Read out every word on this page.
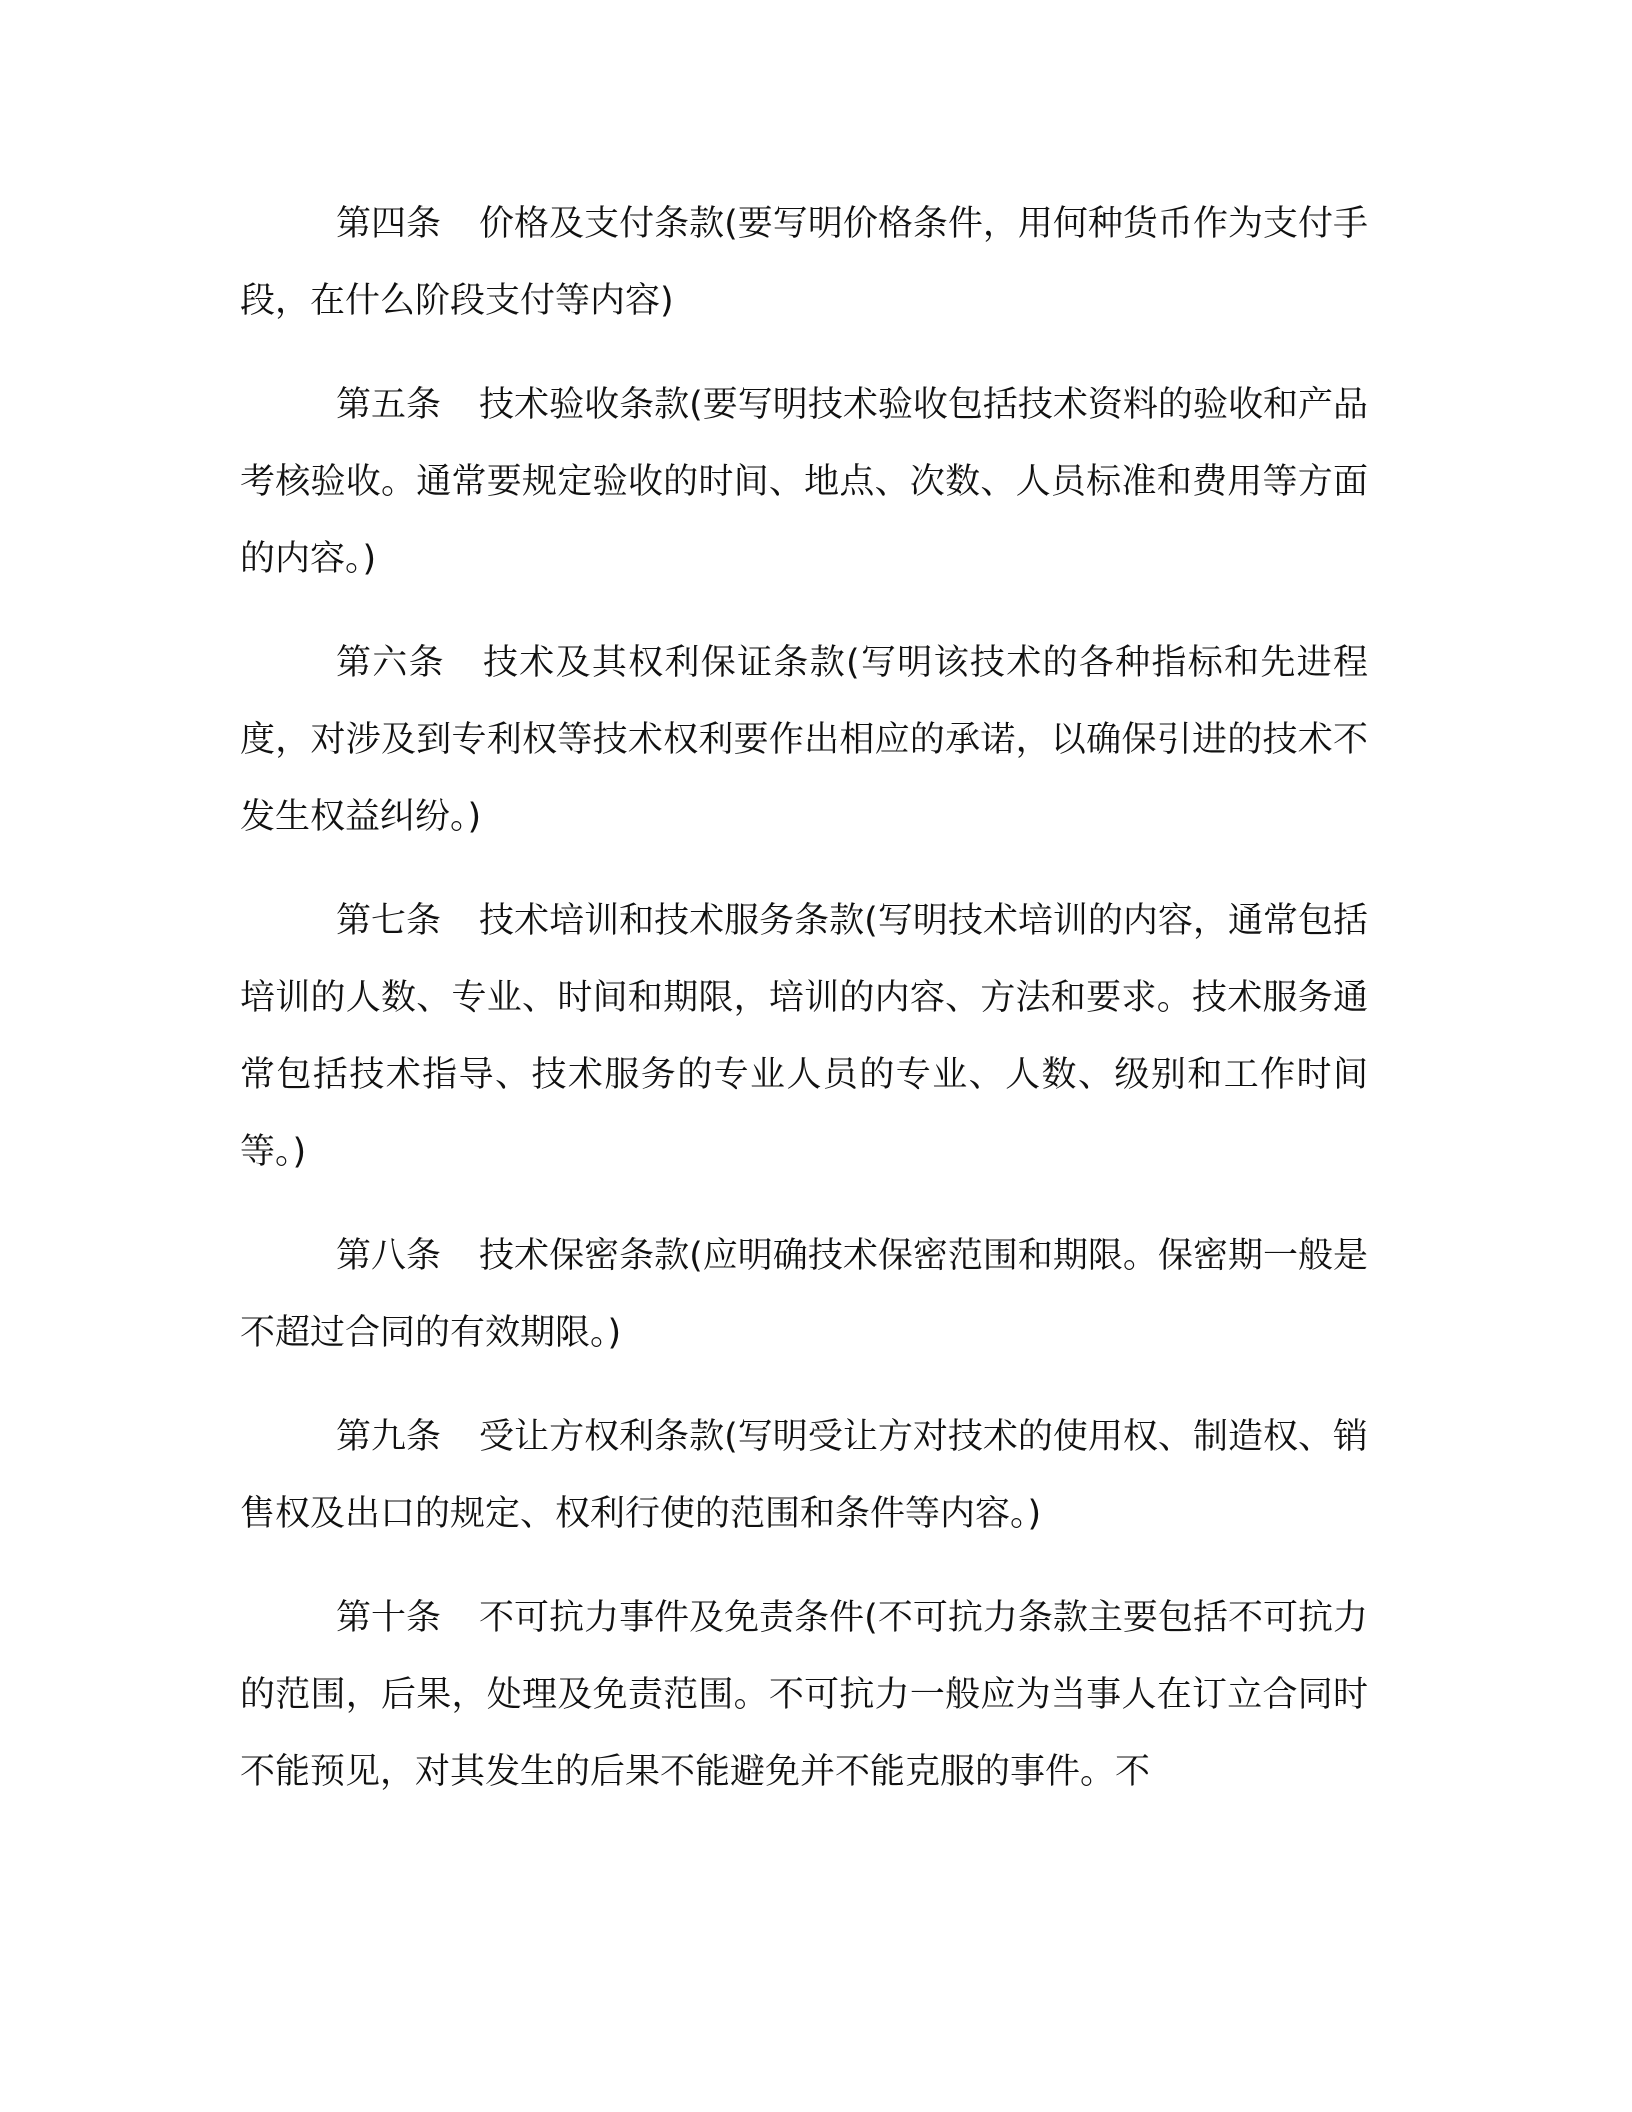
第四条 价格及支付条款(要写明价格条件，用何种货币作为支付手段，在什么阶段支付等内容)

第五条 技术验收条款(要写明技术验收包括技术资料的验收和产品考核验收。通常要规定验收的时间、地点、次数、人员标准和费用等方面的内容。)

第六条 技术及其权利保证条款(写明该技术的各种指标和先进程度，对涉及到专利权等技术权利要作出相应的承诺，以确保引进的技术不发生权益纠纷。)

第七条 技术培训和技术服务条款(写明技术培训的内容，通常包括培训的人数、专业、时间和期限，培训的内容、方法和要求。技术服务通常包括技术指导、技术服务的专业人员的专业、人数、级别和工作时间等。)

第八条 技术保密条款(应明确技术保密范围和期限。保密期一般是不超过合同的有效期限。)

第九条 受让方权利条款(写明受让方对技术的使用权、制造权、销售权及出口的规定、权利行使的范围和条件等内容。)

第十条 不可抗力事件及免责条件(不可抗力条款主要包括不可抗力的范围，后果，处理及免责范围。不可抗力一般应为当事人在订立合同时不能预见，对其发生的后果不能避免并不能克服的事件。不
